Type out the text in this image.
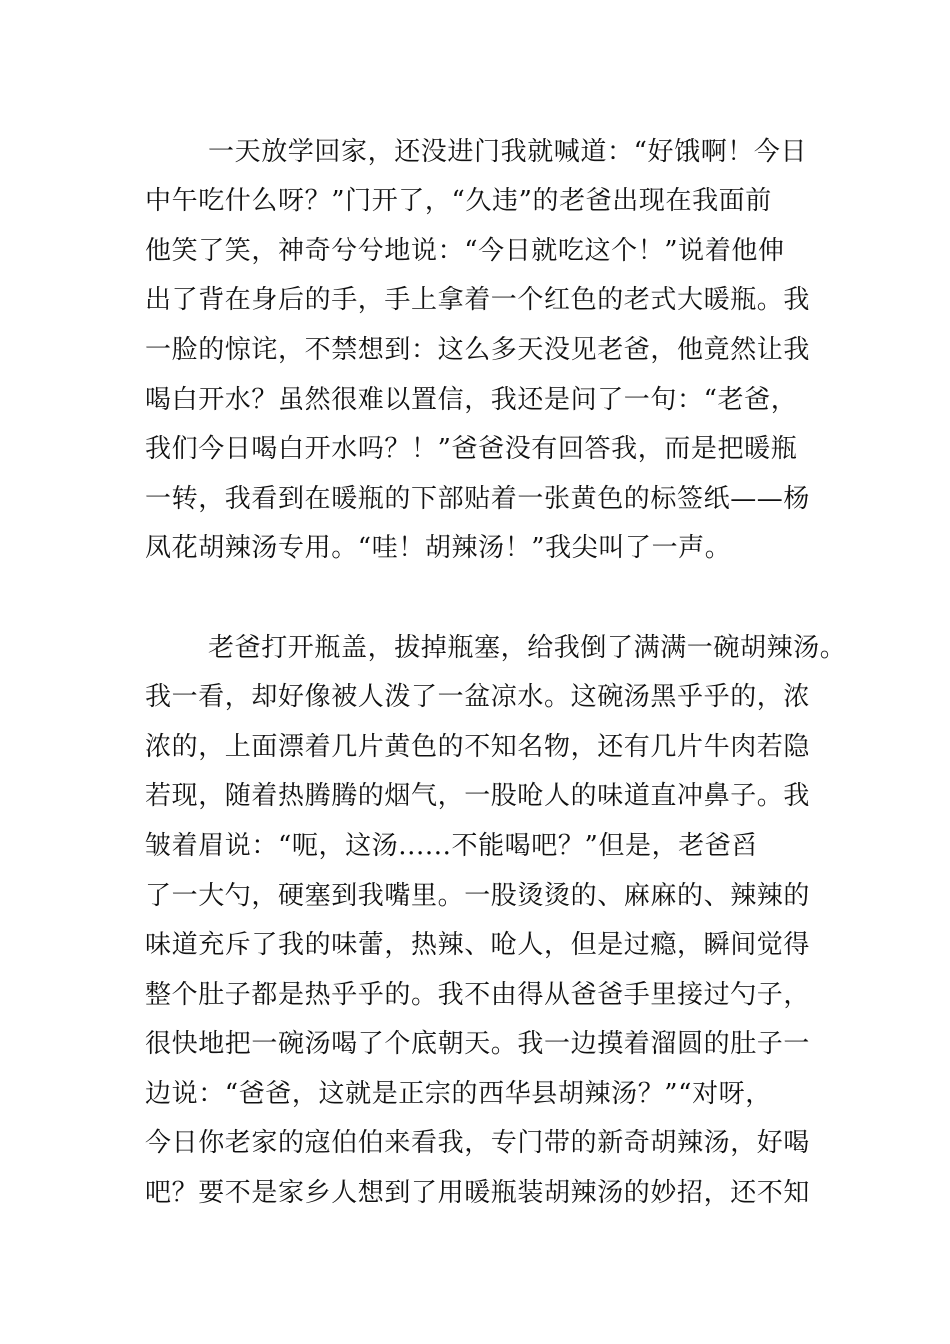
一天放学回家，还没进门我就喊道：“好饿啊！今日
中午吃什么呀？”门开了，“久违”的老爸出现在我面前
他笑了笑，神奇兮兮地说：“今日就吃这个！”说着他伸
出了背在身后的手，手上拿着一个红色的老式大暖瓶。我
一脸的惊诧，不禁想到：这么多天没见老爸，他竟然让我
喝白开水？虽然很难以置信，我还是问了一句：“老爸，
我们今日喝白开水吗？！”爸爸没有回答我，而是把暖瓶
一转，我看到在暖瓶的下部贴着一张黄色的标签纸——杨
凤花胡辣汤专用。“哇！胡辣汤！”我尖叫了一声。
老爸打开瓶盖，拔掉瓶塞，给我倒了满满一碗胡辣汤。
我一看，却好像被人泼了一盆凉水。这碗汤黑乎乎的，浓
浓的，上面漂着几片黄色的不知名物，还有几片牛肉若隐
若现，随着热腾腾的烟气，一股呛人的味道直冲鼻子。我
皱着眉说：“呃，这汤......不能喝吧？”但是，老爸舀
了一大勺，硬塞到我嘴里。一股烫烫的、麻麻的、辣辣的
味道充斥了我的味蕾，热辣、呛人，但是过瘾，瞬间觉得
整个肚子都是热乎乎的。我不由得从爸爸手里接过勺子，
很快地把一碗汤喝了个底朝天。我一边摸着溜圆的肚子一
边说：“爸爸，这就是正宗的西华县胡辣汤？”“对呀，
今日你老家的寇伯伯来看我，专门带的新奇胡辣汤，好喝
吧？要不是家乡人想到了用暖瓶装胡辣汤的妙招，还不知
